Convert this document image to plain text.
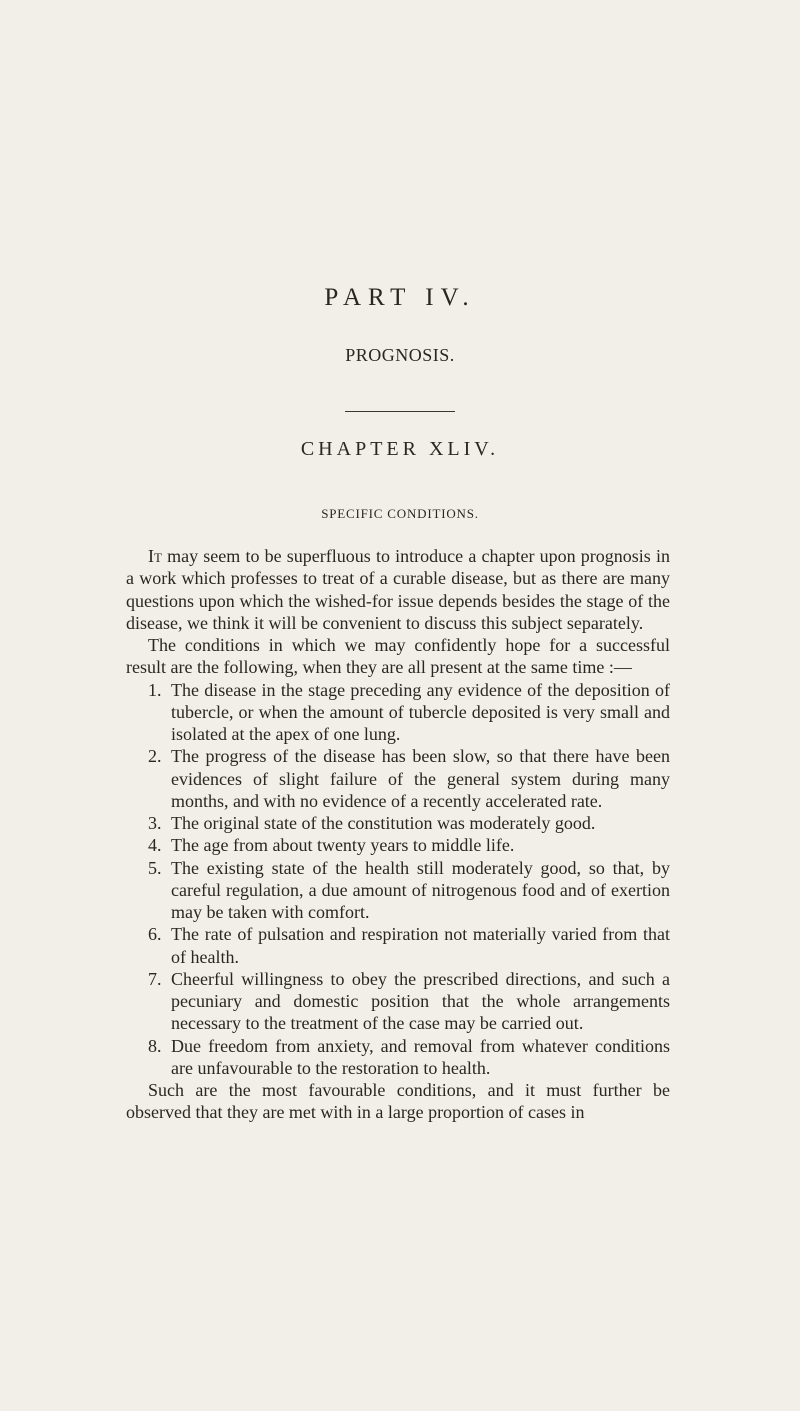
PART IV.
PROGNOSIS.
CHAPTER XLIV.
SPECIFIC CONDITIONS.

It may seem to be superfluous to introduce a chapter upon prognosis in a work which professes to treat of a curable disease, but as there are many questions upon which the wished-for issue depends besides the stage of the disease, we think it will be convenient to discuss this subject separately.

The conditions in which we may confidently hope for a successful result are the following, when they are all present at the same time :—

1. The disease in the stage preceding any evidence of the deposition of tubercle, or when the amount of tubercle deposited is very small and isolated at the apex of one lung.
2. The progress of the disease has been slow, so that there have been evidences of slight failure of the general system during many months, and with no evidence of a recently accelerated rate.
3. The original state of the constitution was moderately good.
4. The age from about twenty years to middle life.
5. The existing state of the health still moderately good, so that, by careful regulation, a due amount of nitrogenous food and of exertion may be taken with comfort.
6. The rate of pulsation and respiration not materially varied from that of health.
7. Cheerful willingness to obey the prescribed directions, and such a pecuniary and domestic position that the whole arrangements necessary to the treatment of the case may be carried out.
8. Due freedom from anxiety, and removal from whatever conditions are unfavourable to the restoration to health.

Such are the most favourable conditions, and it must further be observed that they are met with in a large proportion of cases in
